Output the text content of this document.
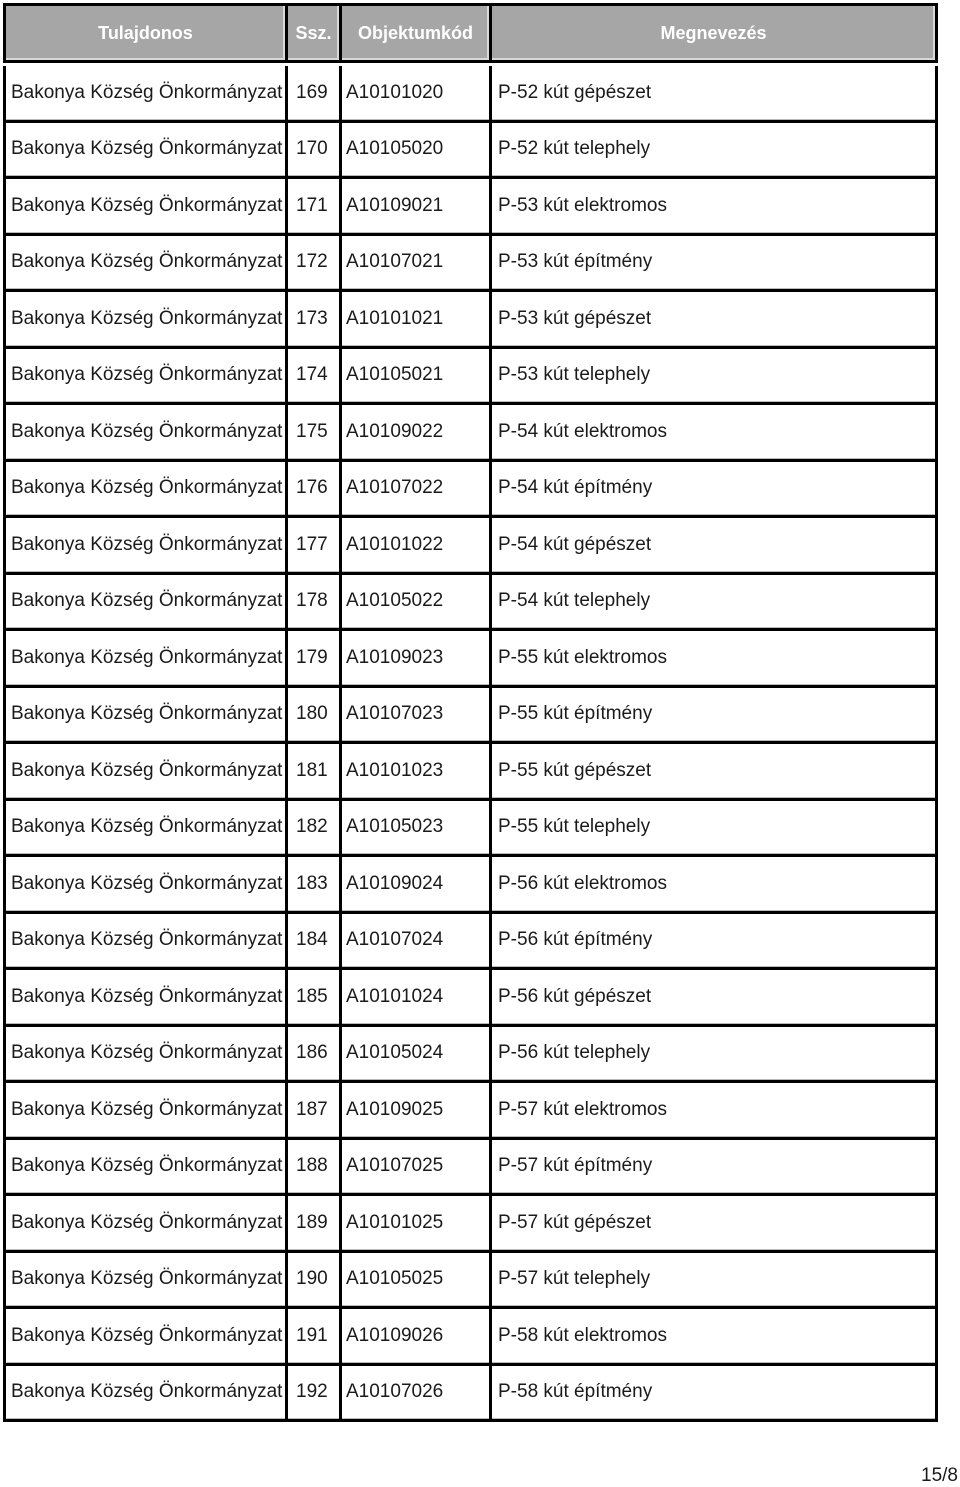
Tulajdonos	Ssz.	Objektumkód	Megnevezés

Bakonya Község Önkormányzat	169	A10101020	P-52 kút gépészet
Bakonya Község Önkormányzat	170	A10105020	P-52 kút telephely
Bakonya Község Önkormányzat	171	A10109021	P-53 kút elektromos
Bakonya Község Önkormányzat	172	A10107021	P-53 kút építmény
Bakonya Község Önkormányzat	173	A10101021	P-53 kút gépészet
Bakonya Község Önkormányzat	174	A10105021	P-53 kút telephely
Bakonya Község Önkormányzat	175	A10109022	P-54 kút elektromos
Bakonya Község Önkormányzat	176	A10107022	P-54 kút építmény
Bakonya Község Önkormányzat	177	A10101022	P-54 kút gépészet
Bakonya Község Önkormányzat	178	A10105022	P-54 kút telephely
Bakonya Község Önkormányzat	179	A10109023	P-55 kút elektromos
Bakonya Község Önkormányzat	180	A10107023	P-55 kút építmény
Bakonya Község Önkormányzat	181	A10101023	P-55 kút gépészet
Bakonya Község Önkormányzat	182	A10105023	P-55 kút telephely
Bakonya Község Önkormányzat	183	A10109024	P-56 kút elektromos
Bakonya Község Önkormányzat	184	A10107024	P-56 kút építmény
Bakonya Község Önkormányzat	185	A10101024	P-56 kút gépészet
Bakonya Község Önkormányzat	186	A10105024	P-56 kút telephely
Bakonya Község Önkormányzat	187	A10109025	P-57 kút elektromos
Bakonya Község Önkormányzat	188	A10107025	P-57 kút építmény
Bakonya Község Önkormányzat	189	A10101025	P-57 kút gépészet
Bakonya Község Önkormányzat	190	A10105025	P-57 kút telephely
Bakonya Község Önkormányzat	191	A10109026	P-58 kút elektromos
Bakonya Község Önkormányzat	192	A10107026	P-58 kút építmény
15/8
